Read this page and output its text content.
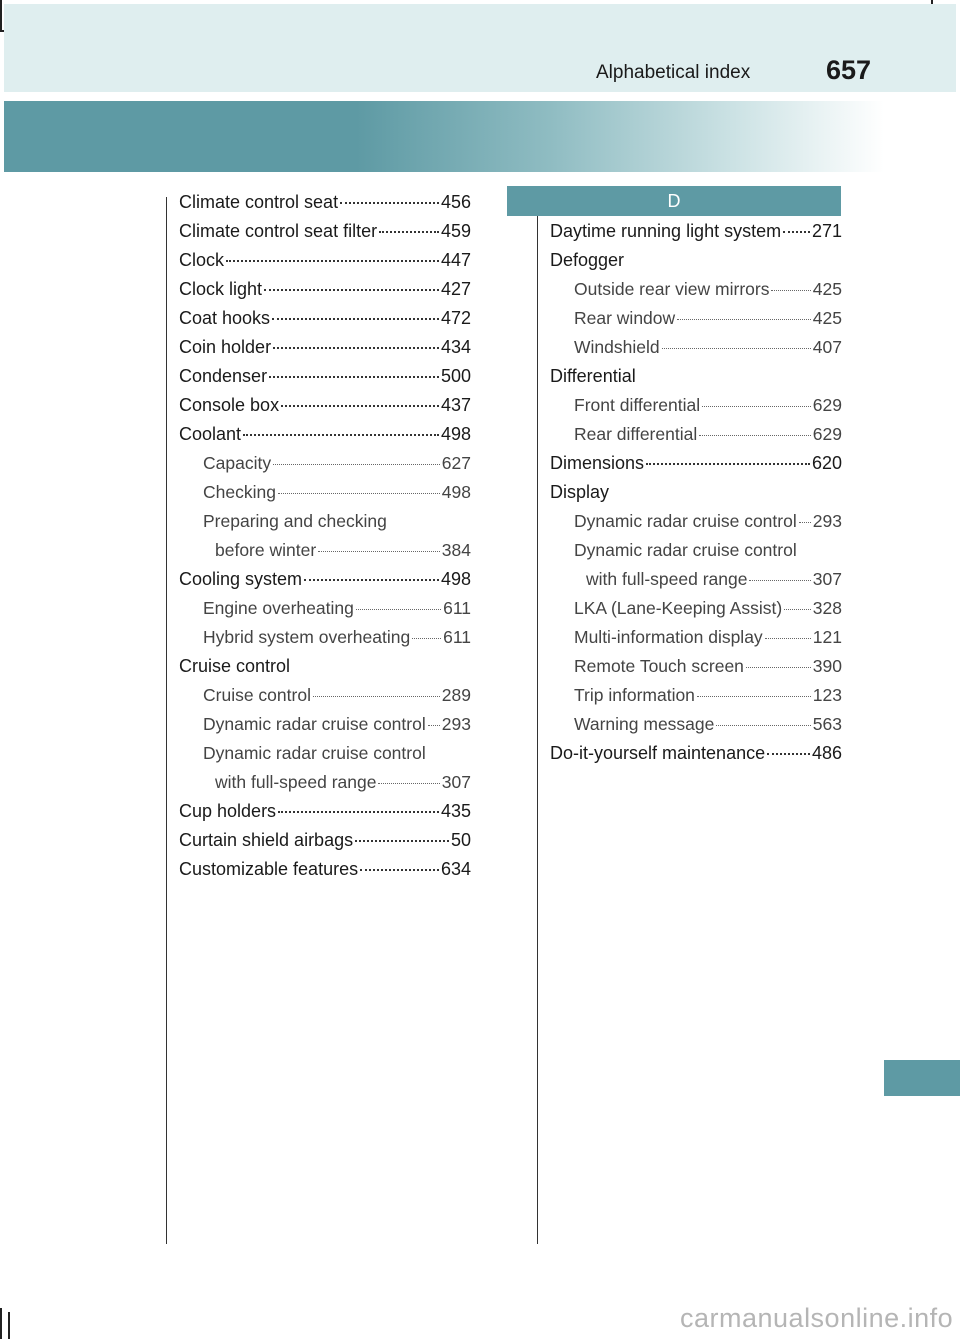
Alphabetical index	657
D
Climate control seat	456
Climate control seat filter	459
Clock	447
Clock light	427
Coat hooks	472
Coin holder	434
Condenser	500
Console box	437
Coolant	498
Capacity	627
Checking	498
Preparing and checking
before winter	384
Cooling system	498
Engine overheating	611
Hybrid system overheating 611
Cruise control
Cruise control	289
Dynamic radar cruise control 293
Dynamic radar cruise control
with full-speed range	307
Cup holders	435
Curtain shield airbags	50
Customizable features	634
Daytime running light system 271
Defogger
Outside rear view mirrors 425
Rear window	425
Windshield	407
Differential
Front differential	629
Rear differential	629
Dimensions	620
Display
Dynamic radar cruise control 293
Dynamic radar cruise control
with full-speed range	307
LKA (Lane-Keeping Assist) 328
Multi-information display	121
Remote Touch screen	390
Trip information	123
Warning message	563
Do-it-yourself maintenance	486
carmanualsonline.info
